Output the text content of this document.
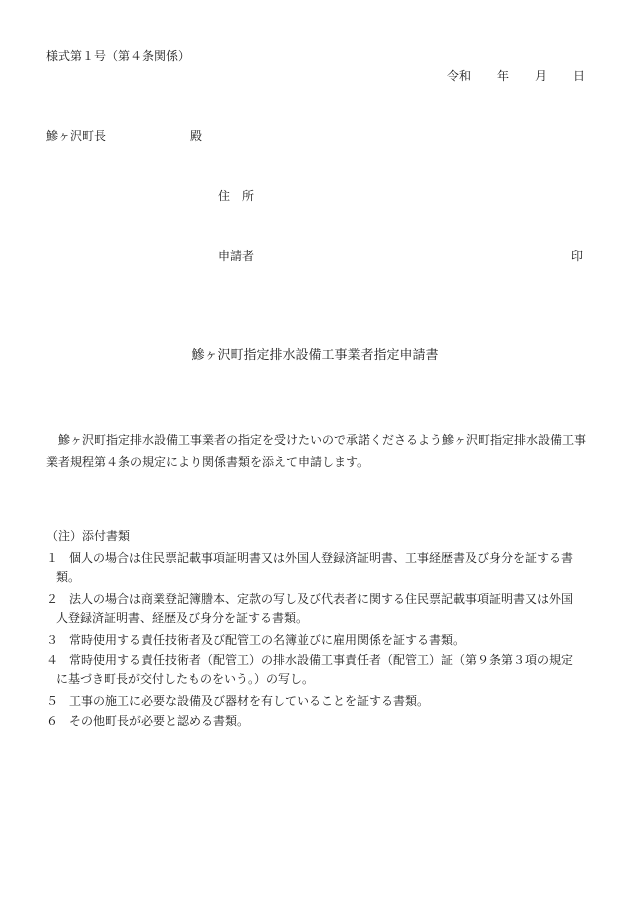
様式第１号（第４条関係）
令和 年 月 日
鰺ヶ沢町長	殿
住　所
申請者	印
鰺ヶ沢町指定排水設備工事業者指定申請書
鰺ヶ沢町指定排水設備工事業者の指定を受けたいので承諾くださるよう鰺ヶ沢町指定排水設備工事業者規程第４条の規定により関係書類を添えて申請します。
（注）添付書類
１ 個人の場合は住民票記載事項証明書又は外国人登録済証明書、工事経歴書及び身分を証する書
類。
２ 法人の場合は商業登記簿謄本、定款の写し及び代表者に関する住民票記載事項証明書又は外国
人登録済証明書、経歴及び身分を証する書類。
３ 常時使用する責任技術者及び配管工の名簿並びに雇用関係を証する書類。
４ 常時使用する責任技術者（配管工）の排水設備工事責任者（配管工）証（第９条第３項の規定
に基づき町長が交付したものをいう。）の写し。
５ 工事の施工に必要な設備及び器材を有していることを証する書類。
６ その他町長が必要と認める書類。
